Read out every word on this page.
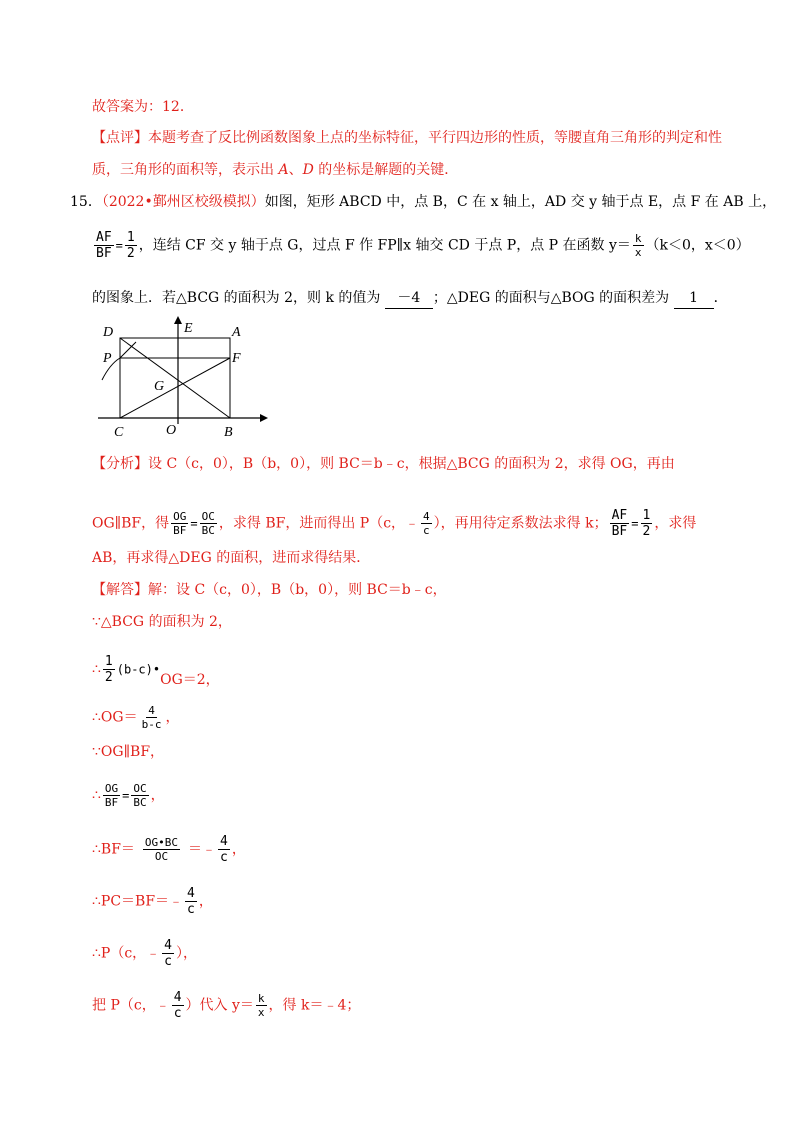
故答案为：12．
【点评】本题考查了反比例函数图象上点的坐标特征，平行四边形的性质，等腰直角三角形的判定和性
质，三角形的面积等，表示出 A、D 的坐标是解题的关键．
15．（2022•鄞州区校级模拟）如图，矩形 ABCD 中，点 B，C 在 x 轴上，AD 交 y 轴于点 E，点 F 在 AB 上，
$\frac{AF}{BF} = \frac{1}{2}$ ，连结 CF 交 y 轴于点 G，过点 F 作 FP∥x 轴交 CD 于点 P，点 P 在函数 $y= \frac{k}{x} (k<0$，x＜0）
的图象上．若△BCG 的面积为 2，则 k 的值为 －4 ；△DEG 的面积与△BOG 的面积差为 1 ．
D	E	A
P	F
G
C	O	B
【分析】设 C（c，0），B（b，0），则 BC＝b﹣c，根据△BCG 的面积为 2，求得 OG，再由
OG∥BF，得 $\frac{OG}{BF} = \frac{OC}{BC}$ ，求得 BF，进而得出 P（c，﹣ $\frac{4}{c}$ ），再用待定系数法求得 k； $\frac{AF}{BF} = \frac{1}{2}$ ，求得
AB，再求得△DEG 的面积，进而求得结果．
【解答】解：设 C（c，0），B（b，0），则 BC＝b﹣c，
∵△BCG 的面积为 2，
∴ $\frac{1}{2}$ (b-c)•OG＝2，
∴OG＝ $\frac{4}{b-c}$ ，
∵OG∥BF，
∴ $\frac{OG}{BF} = \frac{OC}{BC}$ ，
∴BF＝ $\frac{OG•BC}{OC}$ ＝﹣ $\frac{4}{c}$ ，
∴PC＝BF＝﹣ $\frac{4}{c}$ ，
∴P（c，﹣ $\frac{4}{c}$ ），
把 P（c，﹣ $\frac{4}{c}$ ）代入 $y= \frac{k}{x}$ ，得 k＝﹣4；
